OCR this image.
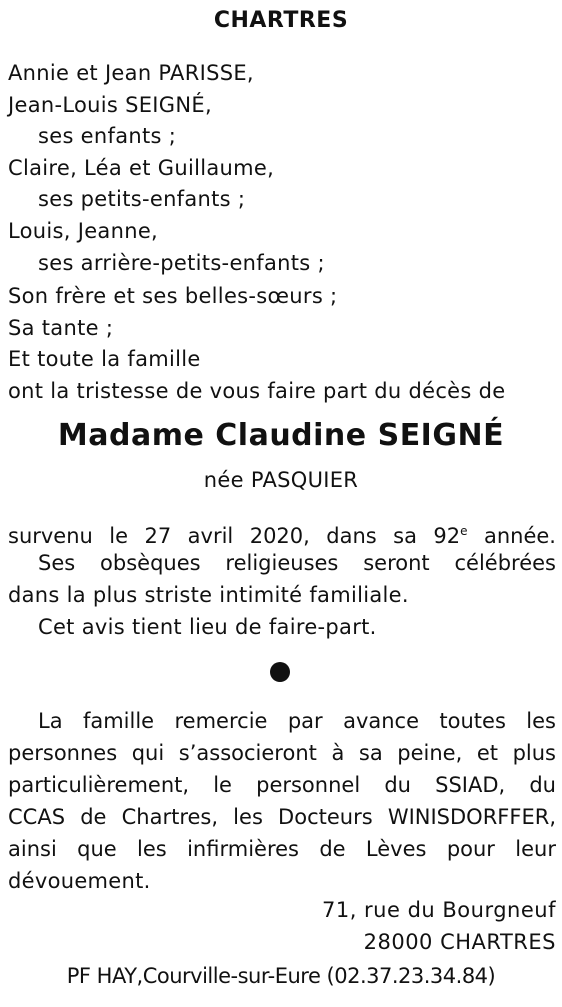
CHARTRES
Annie et Jean PARISSE,
Jean-Louis SEIGNÉ,
ses enfants ;
Claire, Léa et Guillaume,
ses petits-enfants ;
Louis, Jeanne,
ses arrière-petits-enfants ;
Son frère et ses belles-sœurs ;
Sa tante ;
Et toute la famille
ont la tristesse de vous faire part du décès de
Madame Claudine SEIGNÉ
née PASQUIER
survenu le 27 avril 2020, dans sa 92e année.
Ses obsèques religieuses seront célébrées
dans la plus striste intimité familiale.
Cet avis tient lieu de faire-part.
La famille remercie par avance toutes les
personnes qui s’associeront à sa peine, et plus
particulièrement, le personnel du SSIAD, du
CCAS de Chartres, les Docteurs WINISDORFFER,
ainsi que les infirmières de Lèves pour leur
dévouement.
71, rue du Bourgneuf
28000 CHARTRES
PF HAY,Courville-sur-Eure (02.37.23.34.84)
